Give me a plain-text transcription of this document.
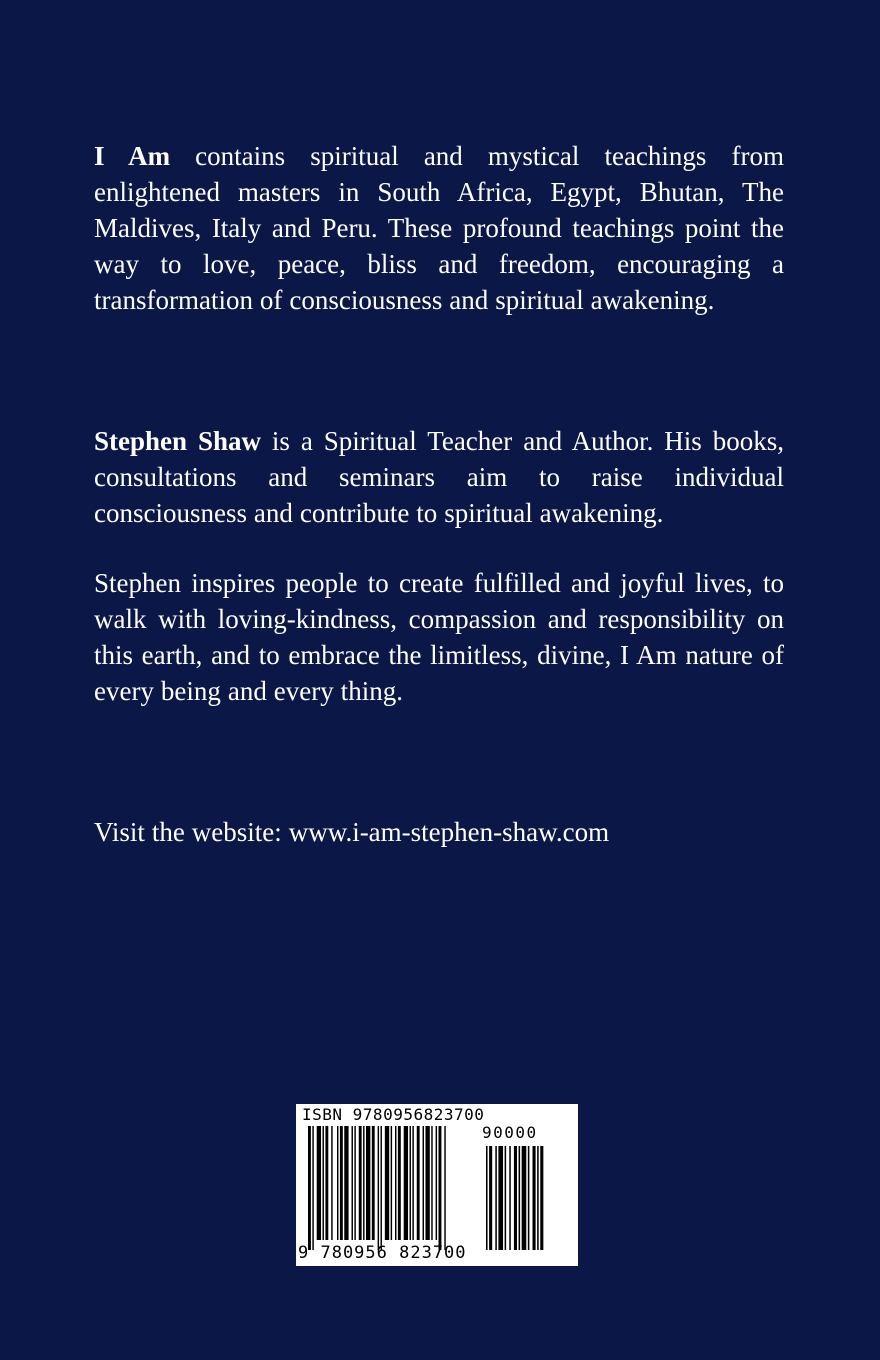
I Am contains spiritual and mystical teachings from enlightened masters in South Africa, Egypt, Bhutan, The Maldives, Italy and Peru. These profound teachings point the way to love, peace, bliss and freedom, encouraging a transformation of consciousness and spiritual awakening.

Stephen Shaw is a Spiritual Teacher and Author. His books, consultations and seminars aim to raise individual consciousness and contribute to spiritual awakening.

Stephen inspires people to create fulfilled and joyful lives, to walk with loving-kindness, compassion and responsibility on this earth, and to embrace the limitless, divine, I Am nature of every being and every thing.

Visit the website: www.i-am-stephen-shaw.com

ISBN 9780956823700
90000
9 780956 823700
